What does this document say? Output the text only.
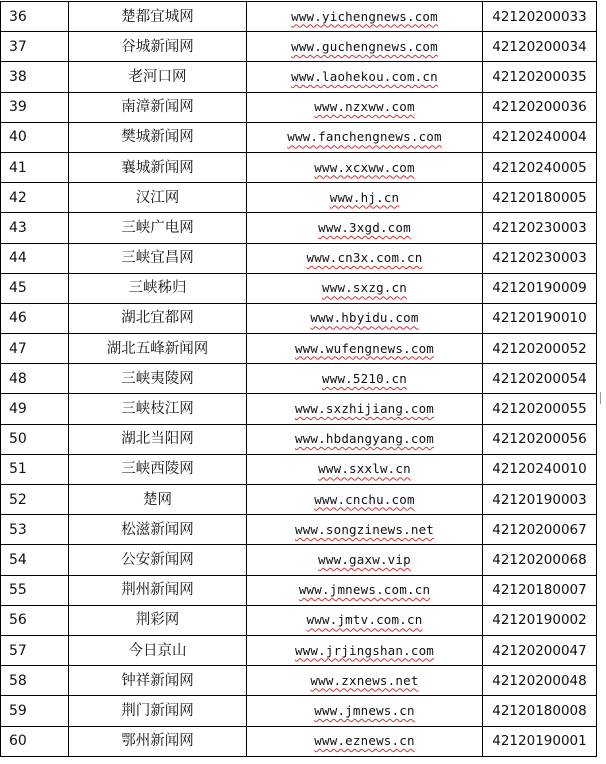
36	楚都宜城网	www.yichengnews.com	42120200033
37	谷城新闻网	www.guchengnews.com	42120200034
38	老河口网	www.laohekou.com.cn	42120200035
39	南漳新闻网	www.nzxww.com	42120200036
40	樊城新闻网	www.fanchengnews.com	42120240004
41	襄城新闻网	www.xcxww.com	42120240005
42	汉江网	www.hj.cn	42120180005
43	三峡广电网	www.3xgd.com	42120230003
44	三峡宜昌网	www.cn3x.com.cn	42120230003
45	三峡秭归	www.sxzg.cn	42120190009
46	湖北宜都网	www.hbyidu.com	42120190010
47	湖北五峰新闻网	www.wufengnews.com	42120200052
48	三峡夷陵网	www.5210.cn	42120200054
49	三峡枝江网	www.sxzhijiang.com	42120200055
50	湖北当阳网	www.hbdangyang.com	42120200056
51	三峡西陵网	www.sxxlw.cn	42120240010
52	楚网	www.cnchu.com	42120190003
53	松滋新闻网	www.songzinews.net	42120200067
54	公安新闻网	www.gaxw.vip	42120200068
55	荆州新闻网	www.jmnews.com.cn	42120180007
56	荆彩网	www.jmtv.com.cn	42120190002
57	今日京山	www.jrjingshan.com	42120200047
58	钟祥新闻网	www.zxnews.net	42120200048
59	荆门新闻网	www.jmnews.cn	42120180008
60	鄂州新闻网	www.eznews.cn	42120190001
